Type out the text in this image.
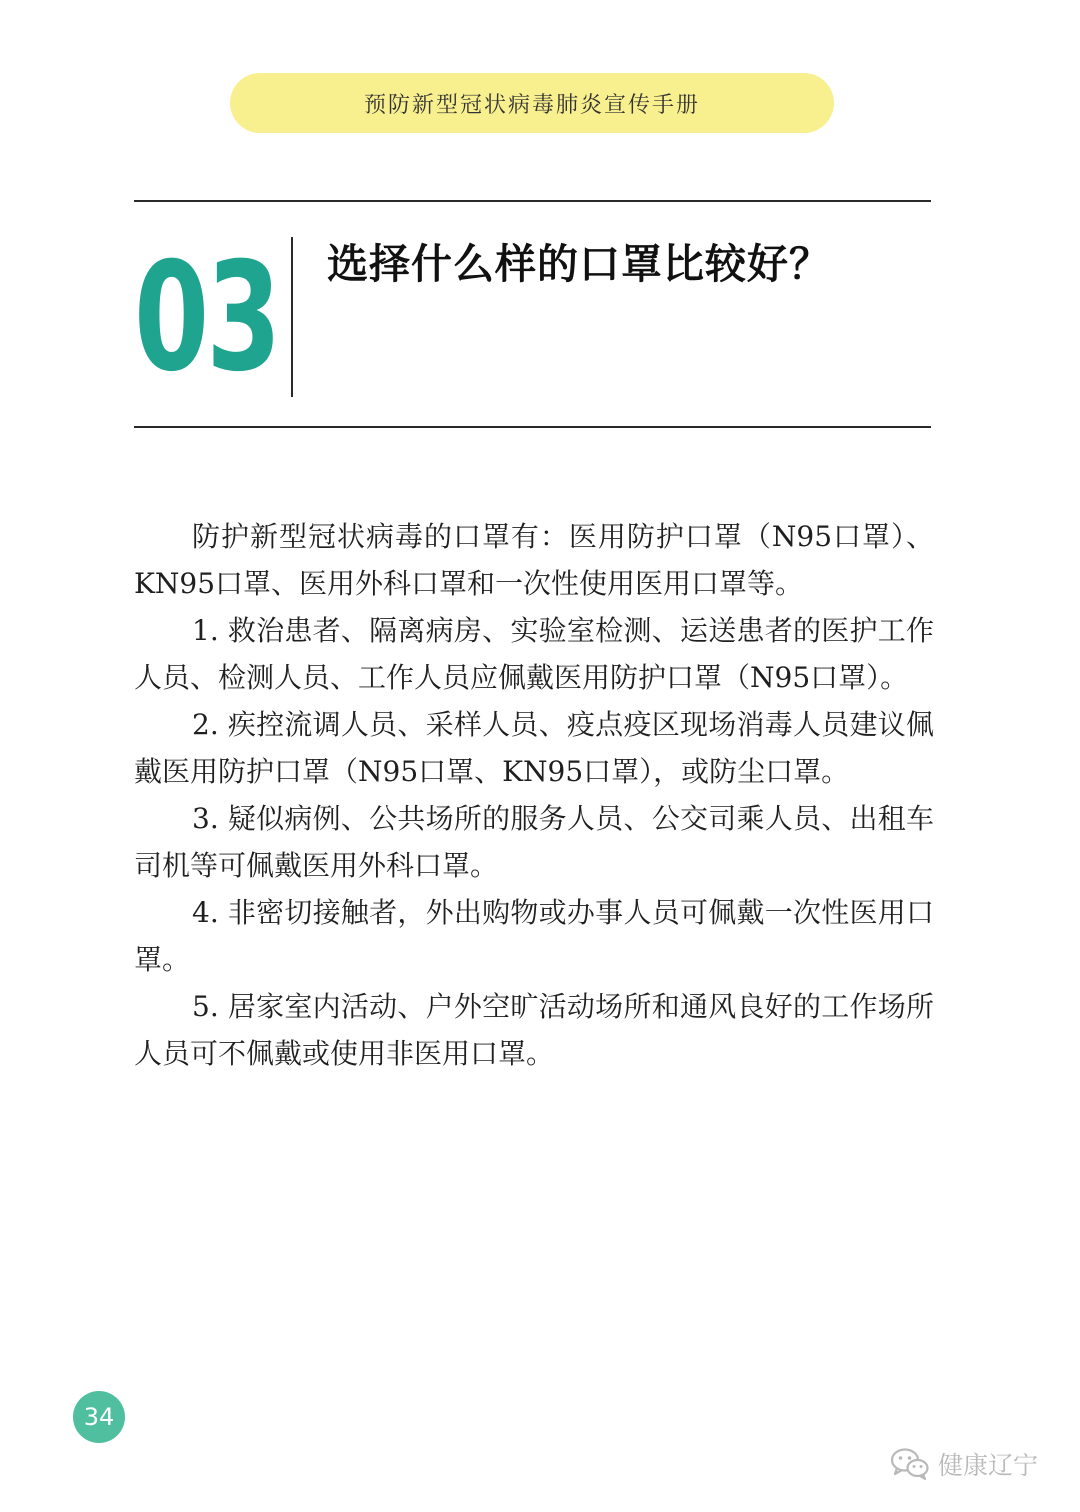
预防新型冠状病毒肺炎宣传手册
03 选择什么样的口罩比较好？

防护新型冠状病毒的口罩有：医用防护口罩（N95口罩）、KN95口罩、医用外科口罩和一次性使用医用口罩等。

1. 救治患者、隔离病房、实验室检测、运送患者的医护工作人员、检测人员、工作人员应佩戴医用防护口罩（N95口罩）。

2. 疾控流调人员、采样人员、疫点疫区现场消毒人员建议佩戴医用防护口罩（N95口罩、KN95口罩），或防尘口罩。

3. 疑似病例、公共场所的服务人员、公交司乘人员、出租车司机等可佩戴医用外科口罩。

4. 非密切接触者，外出购物或办事人员可佩戴一次性医用口罩。

5. 居家室内活动、户外空旷活动场所和通风良好的工作场所人员可不佩戴或使用非医用口罩。

34
健康辽宁
